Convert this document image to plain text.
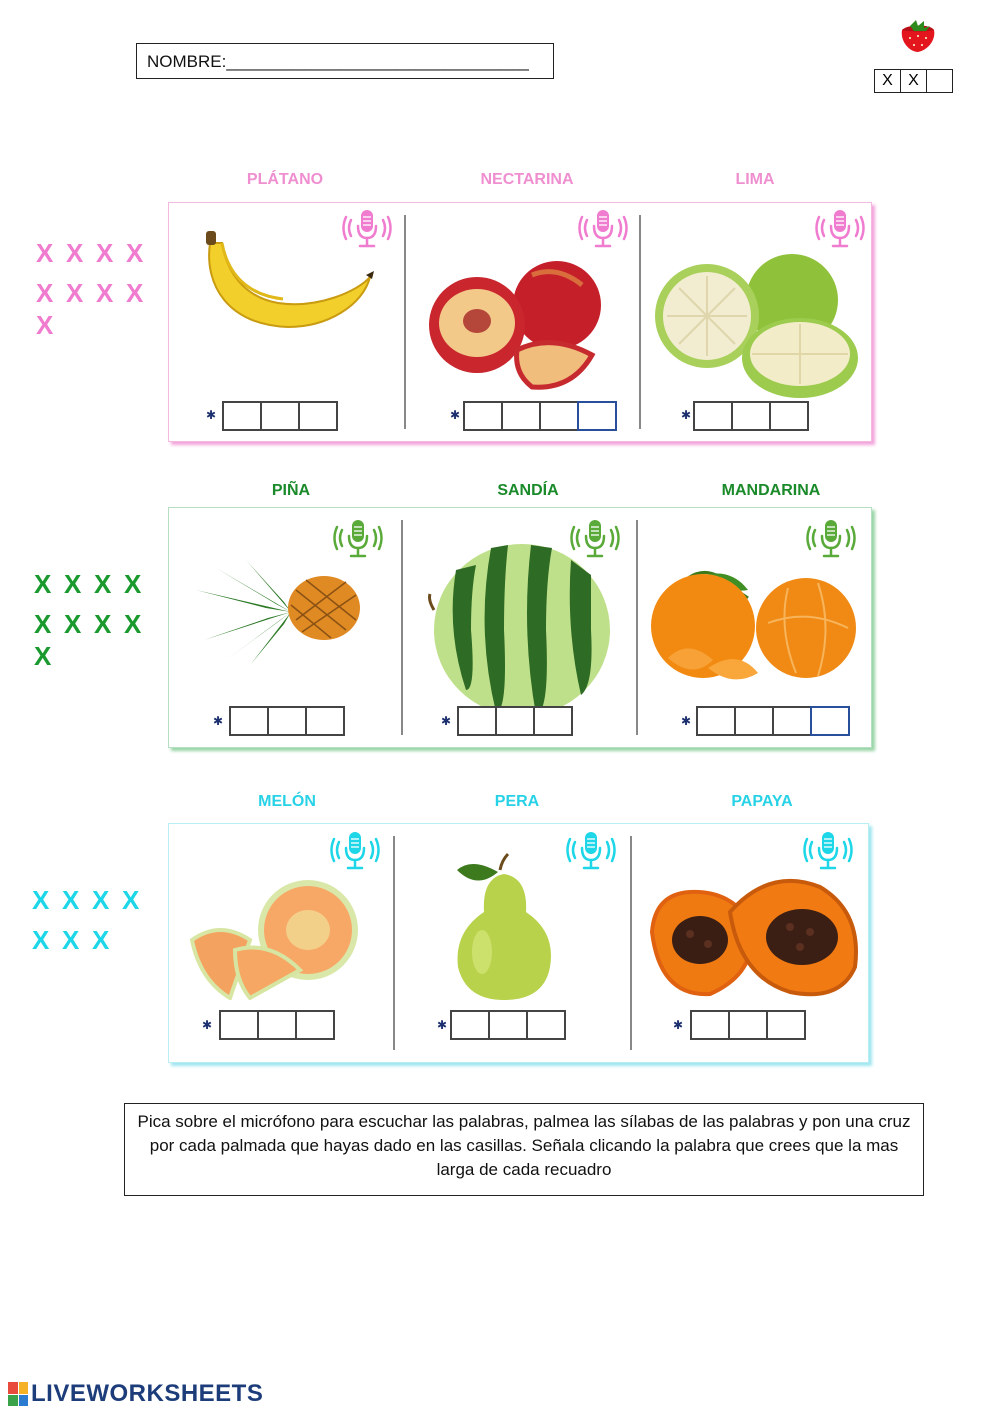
NOMBRE:________________________________
X X
PLÁTANO	NECTARINA	LIMA
✱	✱	✱
X X X X
X X X X
X
PIÑA	SANDÍA	MANDARINA
✱	✱	✱
X X X X
X X X X
X
MELÓN	PERA	PAPAYA
✱	✱	✱
X X X X
X X X
Pica sobre el micrófono para escuchar las palabras, palmea las sílabas de las palabras y pon una cruz por cada palmada que hayas dado en las casillas. Señala clicando la palabra que crees que la mas larga de cada recuadro
LIVEWORKSHEETS
